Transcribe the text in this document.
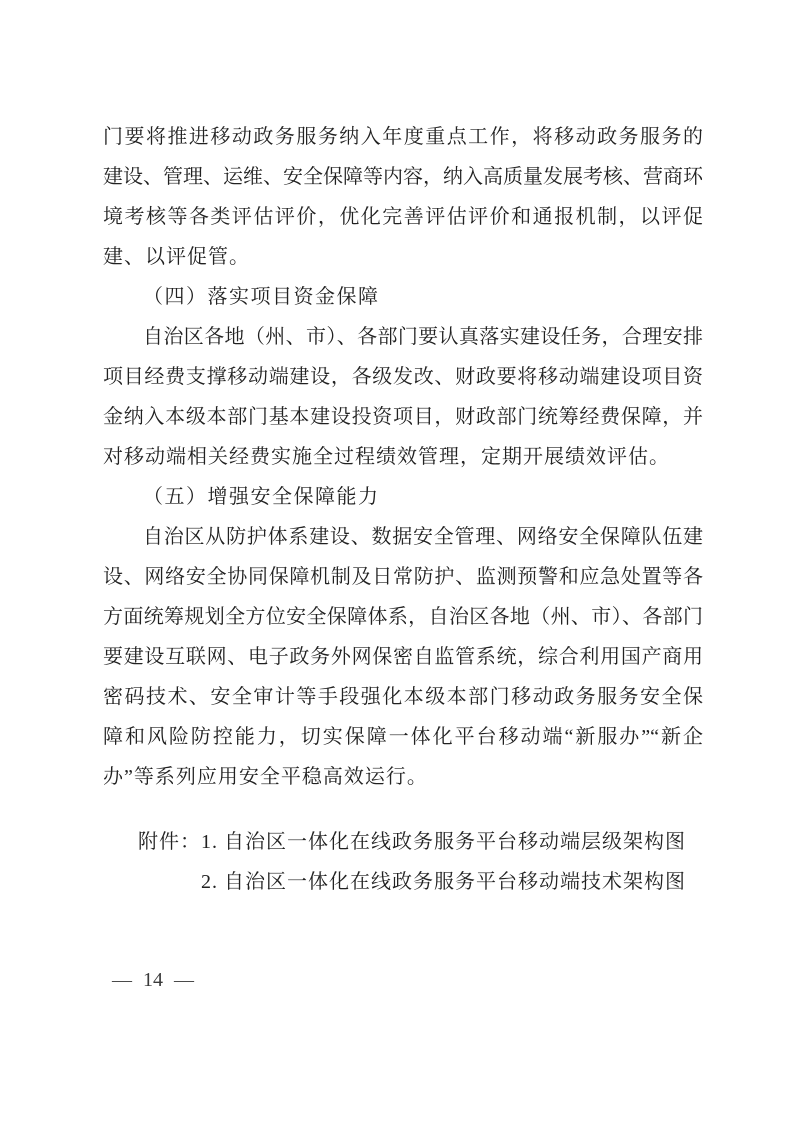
门要将推进移动政务服务纳入年度重点工作，将移动政务服务的
建设、管理、运维、安全保障等内容，纳入高质量发展考核、营商环
境考核等各类评估评价，优化完善评估评价和通报机制，以评促
建、以评促管。
（四）落实项目资金保障
自治区各地（州、市）、各部门要认真落实建设任务，合理安排
项目经费支撑移动端建设，各级发改、财政要将移动端建设项目资
金纳入本级本部门基本建设投资项目，财政部门统筹经费保障，并
对移动端相关经费实施全过程绩效管理，定期开展绩效评估。
（五）增强安全保障能力
自治区从防护体系建设、数据安全管理、网络安全保障队伍建
设、网络安全协同保障机制及日常防护、监测预警和应急处置等各
方面统筹规划全方位安全保障体系，自治区各地（州、市）、各部门
要建设互联网、电子政务外网保密自监管系统，综合利用国产商用
密码技术、安全审计等手段强化本级本部门移动政务服务安全保
障和风险防控能力，切实保障一体化平台移动端“新服办”“新企
办”等系列应用安全平稳高效运行。
附件： 1. 自治区一体化在线政务服务平台移动端层级架构图
2. 自治区一体化在线政务服务平台移动端技术架构图
— 14 —
